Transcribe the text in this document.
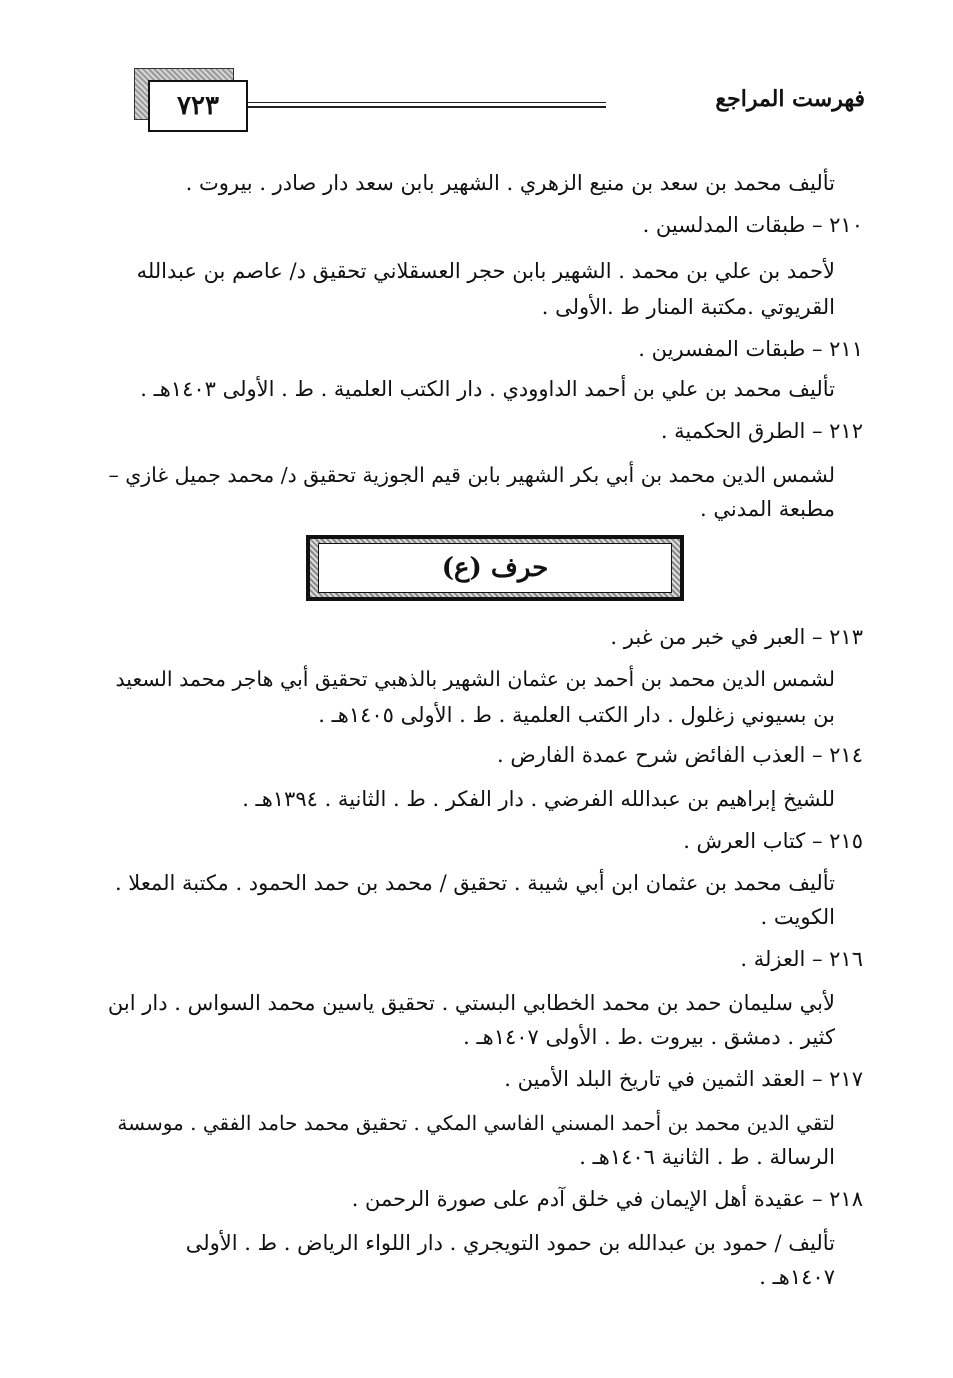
فهرست المراجع
٧٢٣
تأليف محمد بن سعد بن منيع الزهري . الشهير بابن سعد دار صادر . بيروت .
٢١٠ – طبقات المدلسين .
لأحمد بن علي بن محمد . الشهير بابن حجر العسقلاني تحقيق د/ عاصم بن عبدالله
القريوتي .مكتبة المنار ط .الأولى .
٢١١ – طبقات المفسرين .
تأليف محمد بن علي بن أحمد الداوودي . دار الكتب العلمية . ط . الأولى ١٤٠٣هـ .
٢١٢ – الطرق الحكمية .
لشمس الدين محمد بن أبي بكر الشهير بابن قيم الجوزية تحقيق د/ محمد جميل غازي –
مطبعة المدني .
حرف (ع)
٢١٣ – العبر في خبر من غبر .
لشمس الدين محمد بن أحمد بن عثمان الشهير بالذهبي تحقيق أبي هاجر محمد السعيد
بن بسيوني زغلول . دار الكتب العلمية . ط . الأولى ١٤٠٥هـ .
٢١٤ – العذب الفائض شرح عمدة الفارض .
للشيخ إبراهيم بن عبدالله الفرضي . دار الفكر . ط . الثانية . ١٣٩٤هـ .
٢١٥ – كتاب العرش .
تأليف محمد بن عثمان ابن أبي شيبة . تحقيق / محمد بن حمد الحمود . مكتبة المعلا .
الكويت .
٢١٦ – العزلة .
لأبي سليمان حمد بن محمد الخطابي البستي . تحقيق ياسين محمد السواس . دار ابن
كثير . دمشق . بيروت .ط . الأولى ١٤٠٧هـ .
٢١٧ – العقد الثمين في تاريخ البلد الأمين .
لتقي الدين محمد بن أحمد المسني الفاسي المكي . تحقيق محمد حامد الفقي . موسسة
الرسالة . ط . الثانية ١٤٠٦هـ .
٢١٨ – عقيدة أهل الإيمان في خلق آدم على صورة الرحمن .
تأليف / حمود بن عبدالله بن حمود التويجري . دار اللواء الرياض . ط . الأولى
١٤٠٧هـ .
